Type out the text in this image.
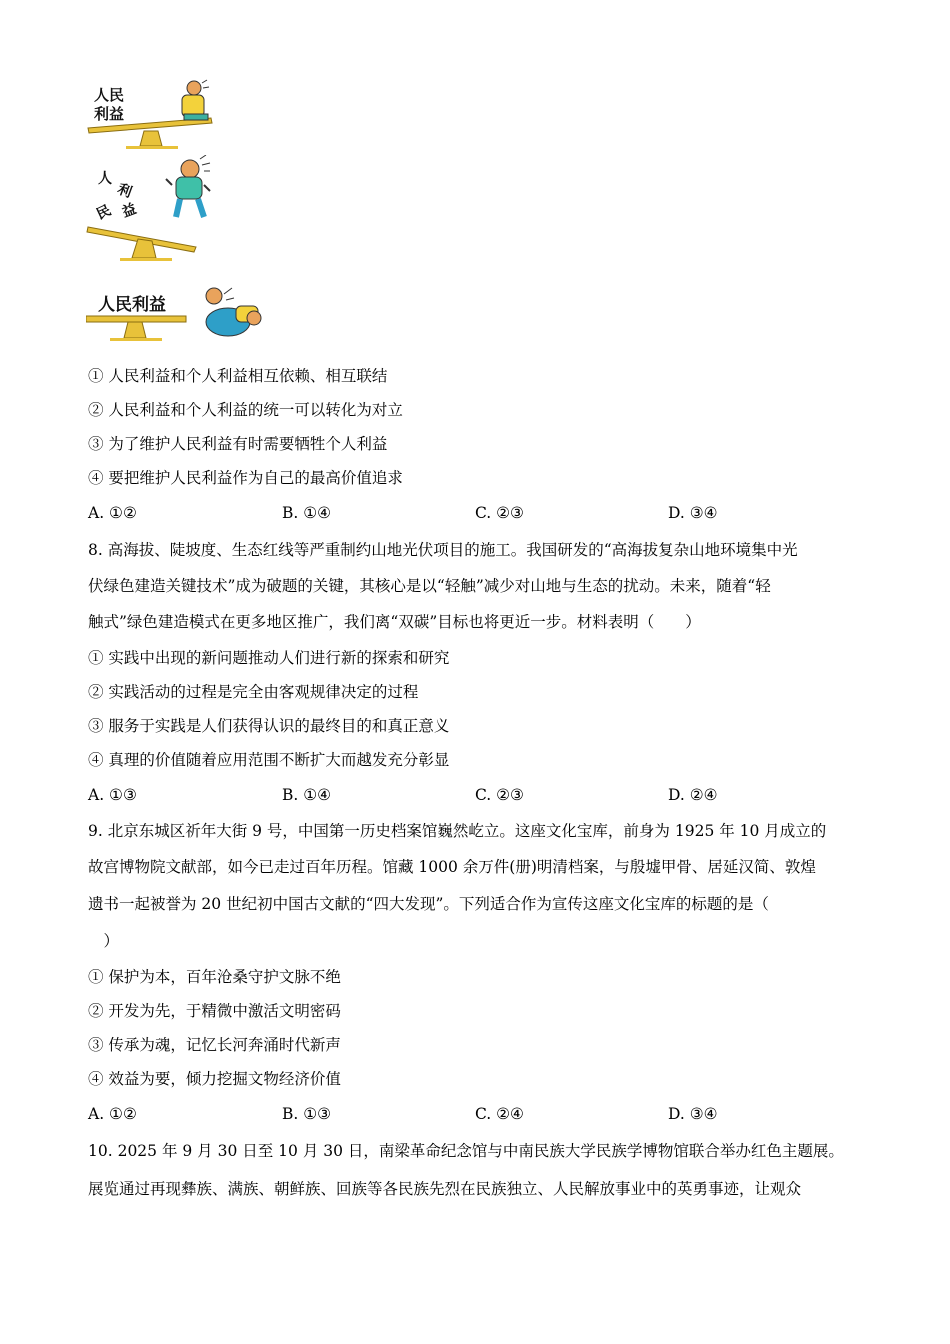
人民
利益
人
利
民 益
人民利益
① 人民利益和个人利益相互依赖、相互联结
② 人民利益和个人利益的统一可以转化为对立
③ 为了维护人民利益有时需要牺牲个人利益
④ 要把维护人民利益作为自己的最高价值追求
A. ①②	B. ①④	C. ②③	D. ③④
8. 高海拔、陡坡度、生态红线等严重制约山地光伏项目的施工。我国研发的“高海拔复杂山地环境集中光
伏绿色建造关键技术”成为破题的关键，其核心是以“轻触”减少对山地与生态的扰动。未来，随着“轻
触式”绿色建造模式在更多地区推广，我们离“双碳”目标也将更近一步。材料表明（　　）
① 实践中出现的新问题推动人们进行新的探索和研究
② 实践活动的过程是完全由客观规律决定的过程
③ 服务于实践是人们获得认识的最终目的和真正意义
④ 真理的价值随着应用范围不断扩大而越发充分彰显
A. ①③	B. ①④	C. ②③	D. ②④
9. 北京东城区祈年大街 9 号，中国第一历史档案馆巍然屹立。这座文化宝库，前身为 1925 年 10 月成立的
故宫博物院文献部，如今已走过百年历程。馆藏 1000 余万件(册)明清档案，与殷墟甲骨、居延汉简、敦煌
遗书一起被誉为 20 世纪初中国古文献的“四大发现”。下列适合作为宣传这座文化宝库的标题的是（
　）
① 保护为本，百年沧桑守护文脉不绝
② 开发为先，于精微中激活文明密码
③ 传承为魂，记忆长河奔涌时代新声
④ 效益为要，倾力挖掘文物经济价值
A. ①②	B. ①③	C. ②④	D. ③④
10. 2025 年 9 月 30 日至 10 月 30 日，南梁革命纪念馆与中南民族大学民族学博物馆联合举办红色主题展。
展览通过再现彝族、满族、朝鲜族、回族等各民族先烈在民族独立、人民解放事业中的英勇事迹，让观众
